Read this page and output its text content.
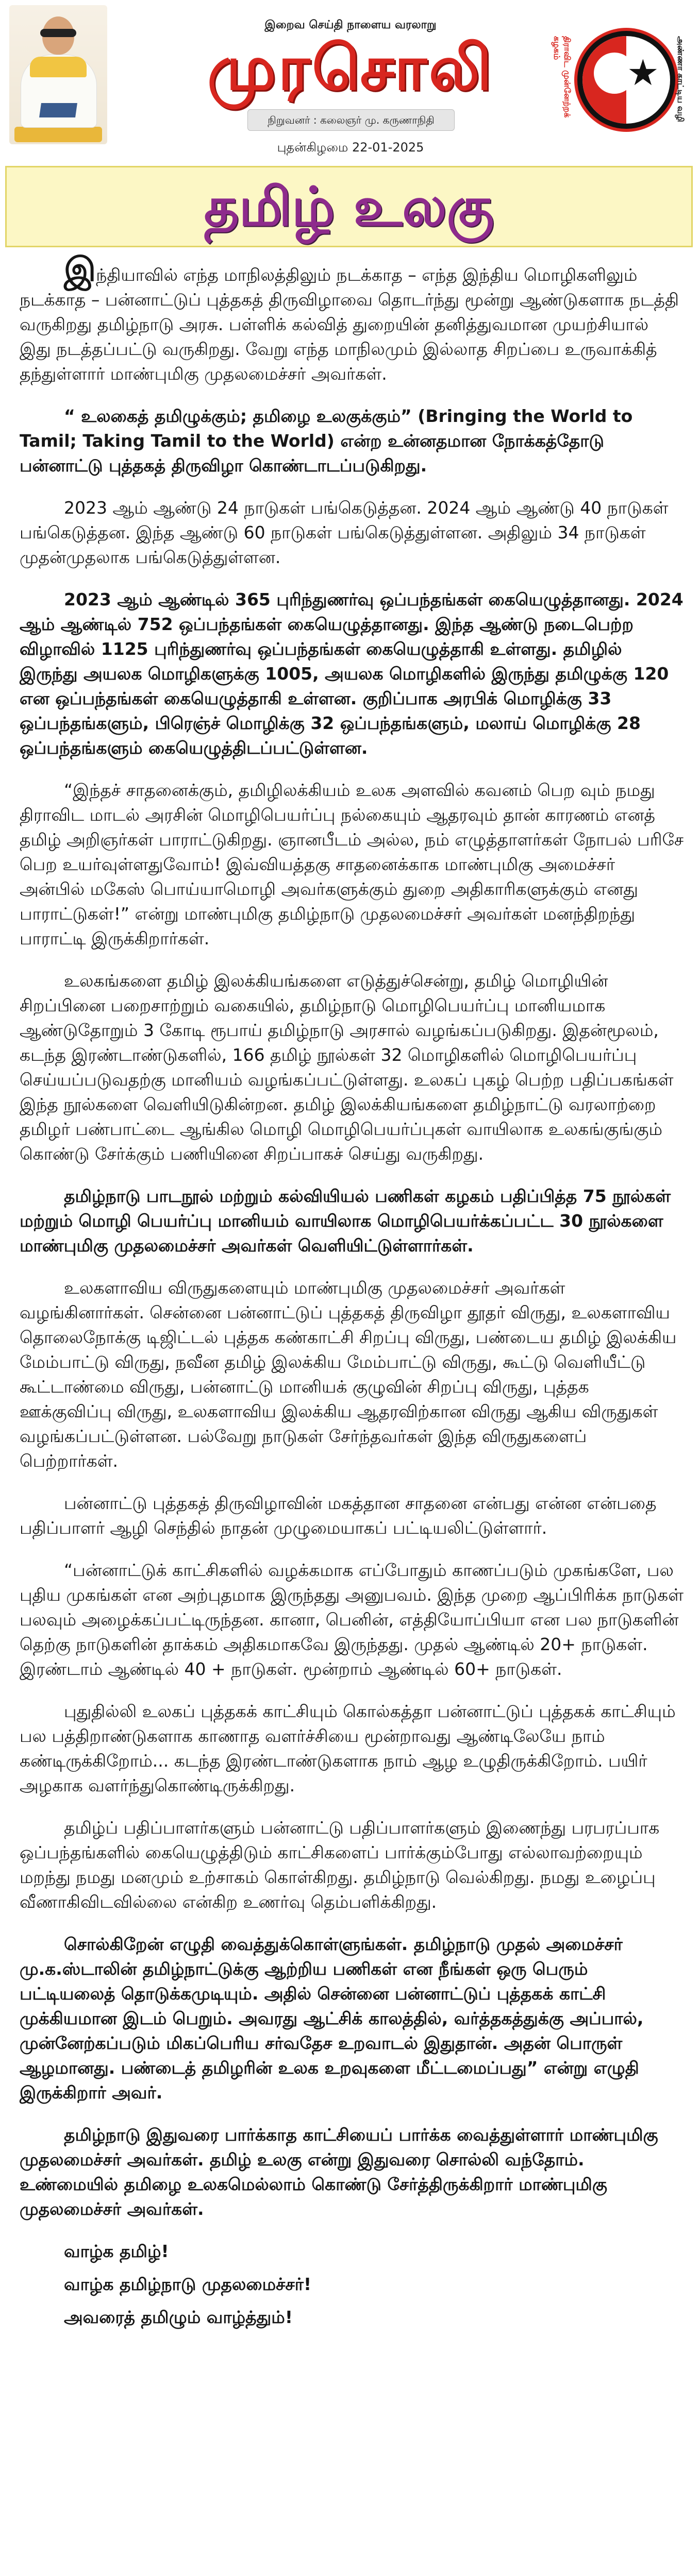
இறைவ செய்தி நாளைய வரலாறு
முரசொலி
நிறுவனர் : கலைஞர் மு. கருணாநிதி
புதன்கிழமை 22-01-2025
திராவிட முன்னேற்றக் கழகம்
★	அண்ணா காட்டிய வழி
தமிழ் உலகு

இந்தியாவில் எந்த மாநிலத்திலும் நடக்காத – எந்த இந்திய மொழிகளிலும் நடக்காத – பன்னாட்டுப் புத்தகத் திருவிழாவை தொடர்ந்து மூன்று ஆண்டுகளாக நடத்தி வருகிறது தமிழ்நாடு அரசு. பள்ளிக் கல்வித் துறையின் தனித்துவமான முயற்சியால் இது நடத்தப்பட்டு வருகிறது. வேறு எந்த மாநிலமும் இல்லாத சிறப்பை உருவாக்கித் தந்துள்ளார் மாண்புமிகு முதலமைச்சர் அவர்கள்.

“ உலகைத் தமிழுக்கும்; தமிழை உலகுக்கும்” (Bringing the World to Tamil; Taking Tamil to the World) என்ற உன்னதமான நோக்கத்தோடு பன்னாட்டு புத்தகத் திருவிழா கொண்டாடப்படுகிறது.

2023 ஆம் ஆண்டு 24 நாடுகள் பங்கெடுத்தன. 2024 ஆம் ஆண்டு 40 நாடுகள் பங்கெடுத்தன. இந்த ஆண்டு 60 நாடுகள் பங்கெடுத்துள்ளன. அதிலும் 34 நாடுகள் முதன்முதலாக பங்கெடுத்துள்ளன.

2023 ஆம் ஆண்டில் 365 புரிந்துணர்வு ஒப்பந்தங்கள் கையெழுத்தானது. 2024 ஆம் ஆண்டில் 752 ஒப்பந்தங்கள் கையெழுத்தானது. இந்த ஆண்டு நடைபெற்ற விழாவில் 1125 புரிந்துணர்வு ஒப்பந்தங்கள் கையெழுத்தாகி உள்ளது. தமிழில் இருந்து அயலக மொழிகளுக்கு 1005, அயலக மொழிகளில் இருந்து தமிழுக்கு 120 என ஒப்பந்தங்கள் கையெழுத்தாகி உள்ளன. குறிப்பாக அரபிக் மொழிக்கு 33 ஒப்பந்தங்களும், பிரெஞ்ச் மொழிக்கு 32 ஒப்பந்தங்களும், மலாய் மொழிக்கு 28 ஒப்பந்தங்களும் கையெழுத்திடப்பட்டுள்ளன.

“இந்தச் சாதனைக்கும், தமிழிலக்கியம் உலக அளவில் கவனம் பெற வும் நமது திராவிட மாடல் அரசின் மொழிபெயர்ப்பு நல்கையும் ஆதரவும் தான் காரணம் எனத் தமிழ் அறிஞர்கள் பாராட்டுகிறது. ஞானபீடம் அல்ல, நம் எழுத்தாளர்கள் நோபல் பரிசே பெற உயர்வுள்ளதுவோம்! இவ்வியத்தகு சாதனைக்காக மாண்புமிகு அமைச்சர் அன்பில் மகேஸ் பொய்யாமொழி அவர்களுக்கும் துறை அதிகாரிகளுக்கும் எனது பாராட்டுகள்!” என்று மாண்புமிகு தமிழ்நாடு முதலமைச்சர் அவர்கள் மனந்திறந்து பாராட்டி இருக்கிறார்கள்.

உலகங்களை தமிழ் இலக்கியங்களை எடுத்துச்சென்று, தமிழ் மொழியின் சிறப்பினை பறைசாற்றும் வகையில், தமிழ்நாடு மொழிபெயர்ப்பு மானியமாக ஆண்டுதோறும் 3 கோடி ரூபாய் தமிழ்நாடு அரசால் வழங்கப்படுகிறது. இதன்மூலம், கடந்த இரண்டாண்டுகளில், 166 தமிழ் நூல்கள் 32 மொழிகளில் மொழிபெயர்ப்பு செய்யப்படுவதற்கு மானியம் வழங்கப்பட்டுள்ளது. உலகப் புகழ் பெற்ற பதிப்பகங்கள் இந்த நூல்களை வெளியிடுகின்றன. தமிழ் இலக்கியங்களை தமிழ்நாட்டு வரலாற்றை தமிழர் பண்பாட்டை ஆங்கில மொழி மொழிபெயர்ப்புகள் வாயிலாக உலகங்குங்கும் கொண்டு சேர்க்கும் பணியினை சிறப்பாகச் செய்து வருகிறது.

தமிழ்நாடு பாடநூல் மற்றும் கல்வியியல் பணிகள் கழகம் பதிப்பித்த 75 நூல்கள் மற்றும் மொழி பெயர்ப்பு மானியம் வாயிலாக மொழிபெயர்க்கப்பட்ட 30 நூல்களை மாண்புமிகு முதலமைச்சர் அவர்கள் வெளியிட்டுள்ளார்கள்.

உலகளாவிய விருதுகளையும் மாண்புமிகு முதலமைச்சர் அவர்கள் வழங்கினார்கள். சென்னை பன்னாட்டுப் புத்தகத் திருவிழா தூதர் விருது, உலகளாவிய தொலைநோக்கு டிஜிட்டல் புத்தக கண்காட்சி சிறப்பு விருது, பண்டைய தமிழ் இலக்கிய மேம்பாட்டு விருது, நவீன தமிழ் இலக்கிய மேம்பாட்டு விருது, கூட்டு வெளியீட்டு கூட்டாண்மை விருது, பன்னாட்டு மானியக் குழுவின் சிறப்பு விருது, புத்தக ஊக்குவிப்பு விருது, உலகளாவிய இலக்கிய ஆதரவிற்கான விருது ஆகிய விருதுகள் வழங்கப்பட்டுள்ளன. பல்வேறு நாடுகள் சேர்ந்தவர்கள் இந்த விருதுகளைப் பெற்றார்கள்.

பன்னாட்டு புத்தகத் திருவிழாவின் மகத்தான சாதனை என்பது என்ன என்பதை பதிப்பாளர் ஆழி செந்தில் நாதன் முழுமையாகப் பட்டியலிட்டுள்ளார்.

“பன்னாட்டுக் காட்சிகளில் வழக்கமாக எப்போதும் காணப்படும் முகங்களே, பல புதிய முகங்கள் என அற்புதமாக இருந்தது அனுபவம். இந்த முறை ஆப்பிரிக்க நாடுகள் பலவும் அழைக்கப்பட்டிருந்தன. கானா, பெனின், எத்தியோப்பியா என பல நாடுகளின் தெற்கு நாடுகளின் தாக்கம் அதிகமாகவே இருந்தது. முதல் ஆண்டில் 20+ நாடுகள். இரண்டாம் ஆண்டில் 40 + நாடுகள். மூன்றாம் ஆண்டில் 60+ நாடுகள்.

புதுதில்லி உலகப் புத்தகக் காட்சியும் கொல்கத்தா பன்னாட்டுப் புத்தகக் காட்சியும் பல பத்திறாண்டுகளாக காணாத வளர்ச்சியை மூன்றாவது ஆண்டிலேயே நாம் கண்டிருக்கிறோம்... கடந்த இரண்டாண்டுகளாக நாம் ஆழ உழுதிருக்கிறோம். பயிர் அழகாக வளர்ந்துகொண்டிருக்கிறது.

தமிழ்ப் பதிப்பாளர்களும் பன்னாட்டு பதிப்பாளர்களும் இணைந்து பரபரப்பாக ஒப்பந்தங்களில் கையெழுத்திடும் காட்சிகளைப் பார்க்கும்போது எல்லாவற்றையும் மறந்து நமது மனமும் உற்சாகம் கொள்கிறது. தமிழ்நாடு வெல்கிறது. நமது உழைப்பு வீணாகிவிடவில்லை என்கிற உணர்வு தெம்பளிக்கிறது.

சொல்கிறேன் எழுதி வைத்துக்கொள்ளுங்கள். தமிழ்நாடு முதல் அமைச்சர் மு.க.ஸ்டாலின் தமிழ்நாட்டுக்கு ஆற்றிய பணிகள் என நீங்கள் ஒரு பெரும் பட்டியலைத் தொடுக்கமுடியும். அதில் சென்னை பன்னாட்டுப் புத்தகக் காட்சி முக்கியமான இடம் பெறும். அவரது ஆட்சிக் காலத்தில், வர்த்தகத்துக்கு அப்பால், முன்னேற்கப்படும் மிகப்பெரிய சர்வதேச உறவாடல் இதுதான். அதன் பொருள் ஆழமானது. பண்டைத் தமிழரின் உலக உறவுகளை மீட்டமைப்பது” என்று எழுதி இருக்கிறார் அவர்.

தமிழ்நாடு இதுவரை பார்க்காத காட்சியைப் பார்க்க வைத்துள்ளார் மாண்புமிகு முதலமைச்சர் அவர்கள். தமிழ் உலகு என்று இதுவரை சொல்லி வந்தோம். உண்மையில் தமிழை உலகமெல்லாம் கொண்டு சேர்த்திருக்கிறார் மாண்புமிகு முதலமைச்சர் அவர்கள்.

வாழ்க தமிழ்!

வாழ்க தமிழ்நாடு முதலமைச்சர்!

அவரைத் தமிழும் வாழ்த்தும்!
